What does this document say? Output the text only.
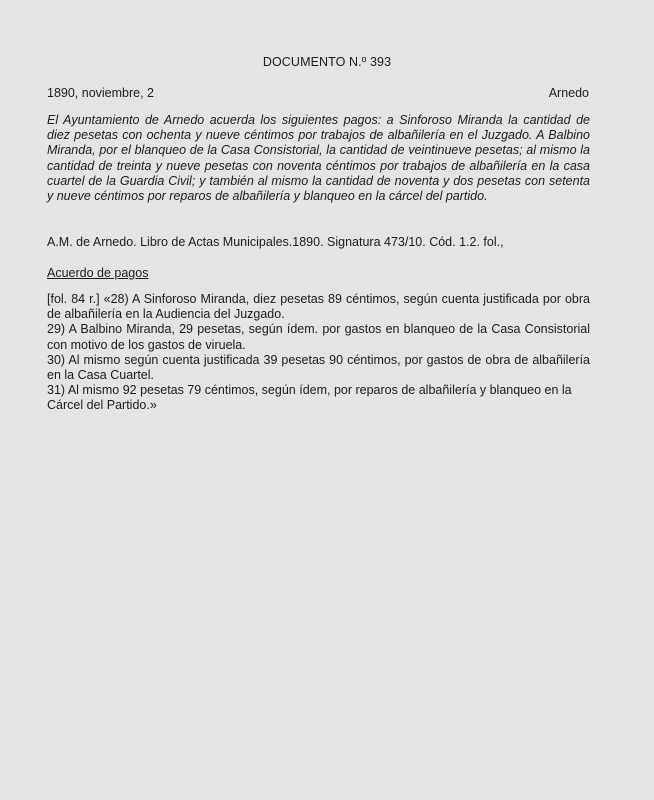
DOCUMENTO N.º 393
1890, noviembre, 2	Arnedo
El Ayuntamiento de Arnedo acuerda los siguientes pagos: a Sinforoso Miranda la cantidad de diez pesetas con ochenta y nueve céntimos por trabajos de albañilería en el Juzgado. A Balbino Miranda, por el blanqueo de la Casa Consistorial, la cantidad de veintinueve pesetas; al mismo la cantidad de treinta y nueve pesetas con noventa céntimos por trabajos de albañilería en la casa cuartel de la Guardia Civil; y también al mismo la cantidad de noventa y dos pesetas con setenta y nueve céntimos por reparos de albañilería y blanqueo en la cárcel del partido.
A.M. de Arnedo. Libro de Actas Municipales.1890. Signatura 473/10. Cód. 1.2. fol.,
Acuerdo de pagos

[fol. 84 r.] «28) A Sinforoso Miranda, diez pesetas 89 céntimos, según cuenta justificada por obra de albañilería en la Audiencia del Juzgado.

29) A Balbino Miranda, 29 pesetas, según ídem. por gastos en blanqueo de la Casa Consistorial con motivo de los gastos de viruela.

30) Al mismo según cuenta justificada 39 pesetas 90 céntimos, por gastos de obra de albañilería en la Casa Cuartel.

31) Al mismo 92 pesetas 79 céntimos, según ídem, por reparos de albañilería y blanqueo en la Cárcel del Partido.»
